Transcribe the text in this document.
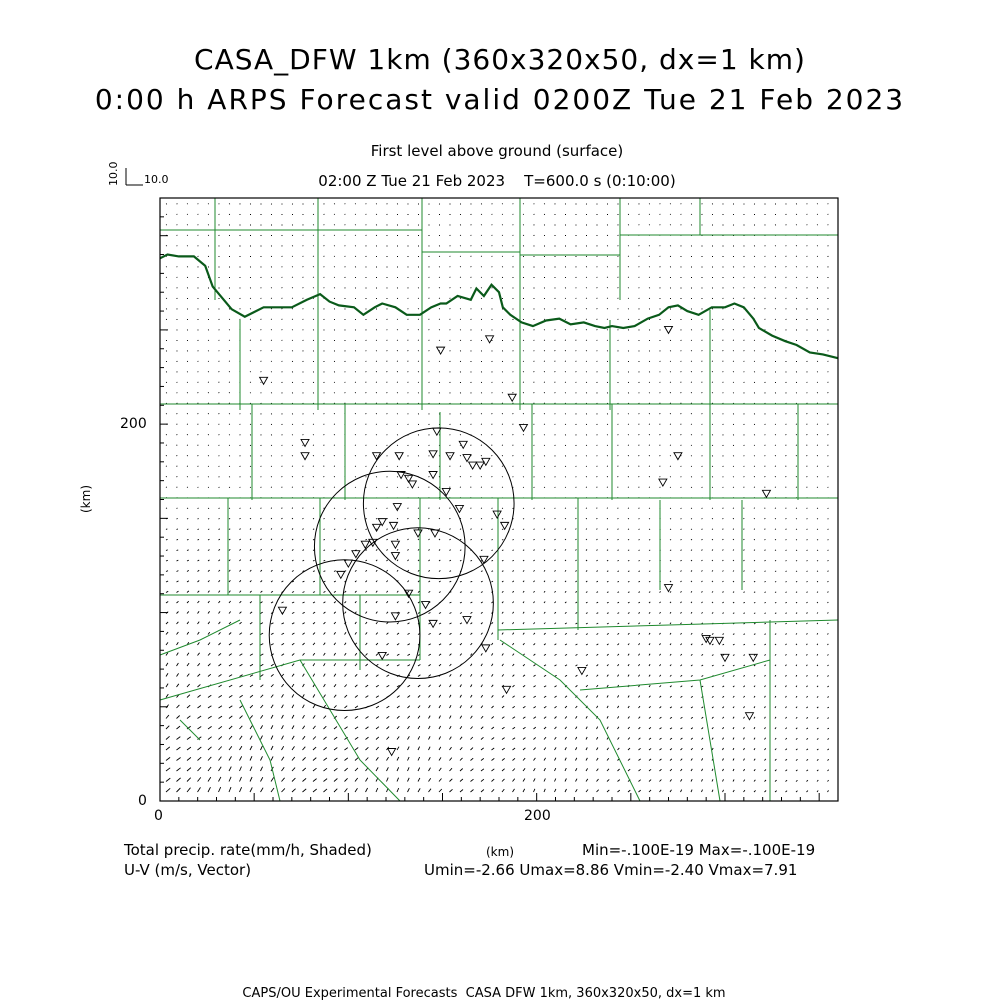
CASA_DFW 1km (360x320x50, dx=1 km)
0:00 h ARPS Forecast valid 0200Z Tue 21 Feb 2023
First level above ground (surface)
02:00 Z Tue 21 Feb 2023    T=600.0 s (0:10:00)
10.0 10.0
200
0
0	200
(km)
(km)
Total precip. rate(mm/h, Shaded)	Min=-.100E-19 Max=-.100E-19
U-V (m/s, Vector)	Umin=-2.66 Umax=8.86 Vmin=-2.40 Vmax=7.91
CAPS/OU Experimental Forecasts  CASA DFW 1km, 360x320x50, dx=1 km
